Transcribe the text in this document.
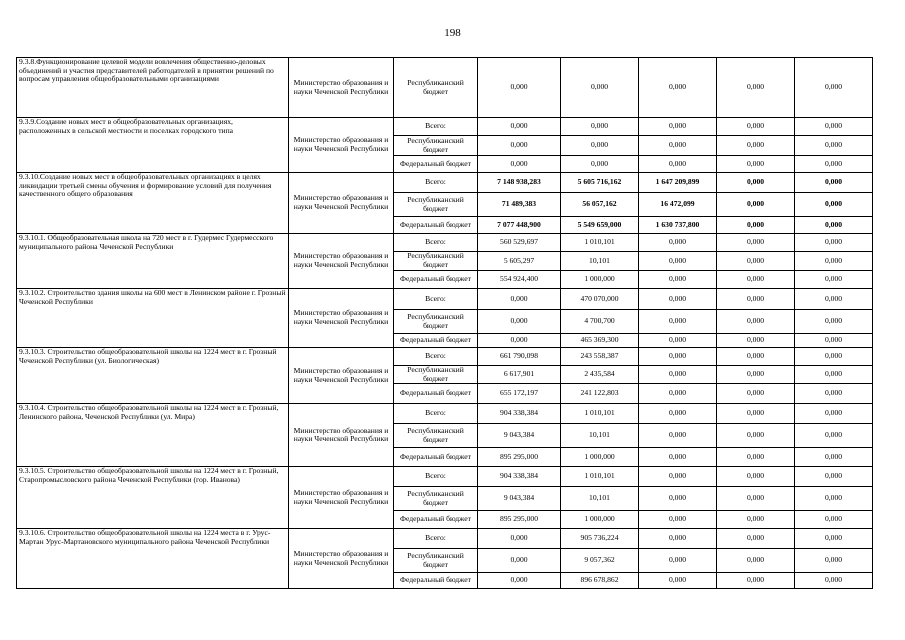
198
9.3.8.Функционирование целевой модели вовлечения общественно-деловых объединений и участия представителей работодателей в принятии решений по вопросам управления общеобразовательными организациями	Министерство образования и науки Чеченской Республики	Республиканский бюджет	0,000	0,000	0,000	0,000	0,000
9.3.9.Создание новых мест в общеобразовательных организациях, расположенных в сельской местности и поселках городского типа	Министерство образования и науки Чеченской Республики	Всего:	0,000	0,000	0,000	0,000	0,000
		Республиканский бюджет	0,000	0,000	0,000	0,000	0,000
		Федеральный бюджет	0,000	0,000	0,000	0,000	0,000
9.3.10.Создание новых мест в общеобразовательных организациях в целях ликвидации третьей смены обучения и формирование условий для получения качественного общего образования	Министерство образования и науки Чеченской Республики	Всего:	7 148 938,283	5 605 716,162	1 647 209,899	0,000	0,000
		Республиканский бюджет	71 489,383	56 057,162	16 472,099	0,000	0,000
		Федеральный бюджет	7 077 448,900	5 549 659,000	1 630 737,800	0,000	0,000
9.3.10.1. Общеобразовательная школа на 720 мест в г. Гудермес Гудермесского муниципального района Чеченской Республики	Министерство образования и науки Чеченской Республики	Всего:	560 529,697	1 010,101	0,000	0,000	0,000
		Республиканский бюджет	5 605,297	10,101	0,000	0,000	0,000
		Федеральный бюджет	554 924,400	1 000,000	0,000	0,000	0,000
9.3.10.2. Строительство здания школы на 600 мест в Ленинском районе г. Грозный Чеченской Республики	Министерство образования и науки Чеченской Республики	Всего:	0,000	470 070,000	0,000	0,000	0,000
		Республиканский бюджет	0,000	4 700,700	0,000	0,000	0,000
		Федеральный бюджет	0,000	465 369,300	0,000	0,000	0,000
9.3.10.3. Строительство общеобразовательной школы на 1224 мест в г. Грозный Чеченской Республики (ул. Биологическая)	Министерство образования и науки Чеченской Республики	Всего:	661 790,098	243 558,387	0,000	0,000	0,000
		Республиканский бюджет	6 617,901	2 435,584	0,000	0,000	0,000
		Федеральный бюджет	655 172,197	241 122,803	0,000	0,000	0,000
9.3.10.4. Строительство общеобразовательной школы на 1224 мест в г. Грозный, Ленинского района, Чеченской Республики (ул. Мира)	Министерство образования и науки Чеченской Республики	Всего:	904 338,384	1 010,101	0,000	0,000	0,000
		Республиканский бюджет	9 043,384	10,101	0,000	0,000	0,000
		Федеральный бюджет	895 295,000	1 000,000	0,000	0,000	0,000
9.3.10.5. Строительство общеобразовательной школы на 1224 мест в г. Грозный, Старопромысловского района Чеченской Республики (гор. Иванова)	Министерство образования и науки Чеченской Республики	Всего:	904 338,384	1 010,101	0,000	0,000	0,000
		Республиканский бюджет	9 043,384	10,101	0,000	0,000	0,000
		Федеральный бюджет	895 295,000	1 000,000	0,000	0,000	0,000
9.3.10.6. Строительство общеобразовательной школы на 1224 места в г. Урус-Мартан Урус-Мартановского муниципального района Чеченской Республики	Министерство образования и науки Чеченской Республики	Всего:	0,000	905 736,224	0,000	0,000	0,000
		Республиканский бюджет	0,000	9 057,362	0,000	0,000	0,000
		Федеральный бюджет	0,000	896 678,862	0,000	0,000	0,000
